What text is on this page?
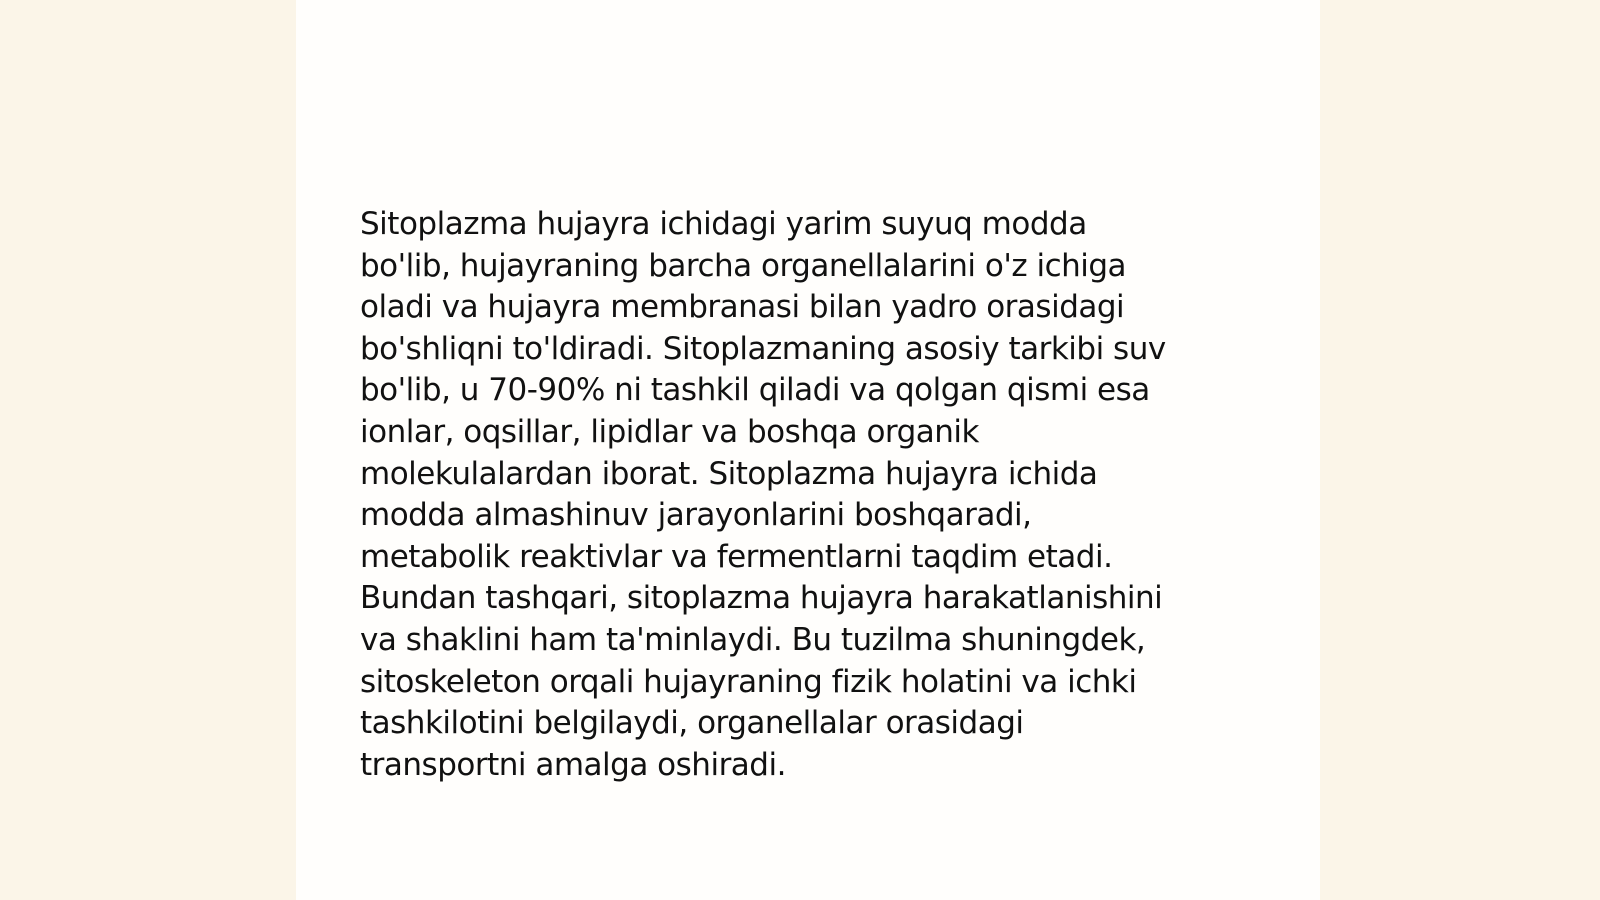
Sitoplazma hujayra ichidagi yarim suyuq modda
bo'lib, hujayraning barcha organellalarini o'z ichiga
oladi va hujayra membranasi bilan yadro orasidagi
bo'shliqni to'ldiradi. Sitoplazmaning asosiy tarkibi suv
bo'lib, u 70-90% ni tashkil qiladi va qolgan qismi esa
ionlar, oqsillar, lipidlar va boshqa organik
molekulalardan iborat. Sitoplazma hujayra ichida
modda almashinuv jarayonlarini boshqaradi,
metabolik reaktivlar va fermentlarni taqdim etadi.
Bundan tashqari, sitoplazma hujayra harakatlanishini
va shaklini ham ta'minlaydi. Bu tuzilma shuningdek,
sitoskeleton orqali hujayraning fizik holatini va ichki
tashkilotini belgilaydi, organellalar orasidagi
transportni amalga oshiradi.
